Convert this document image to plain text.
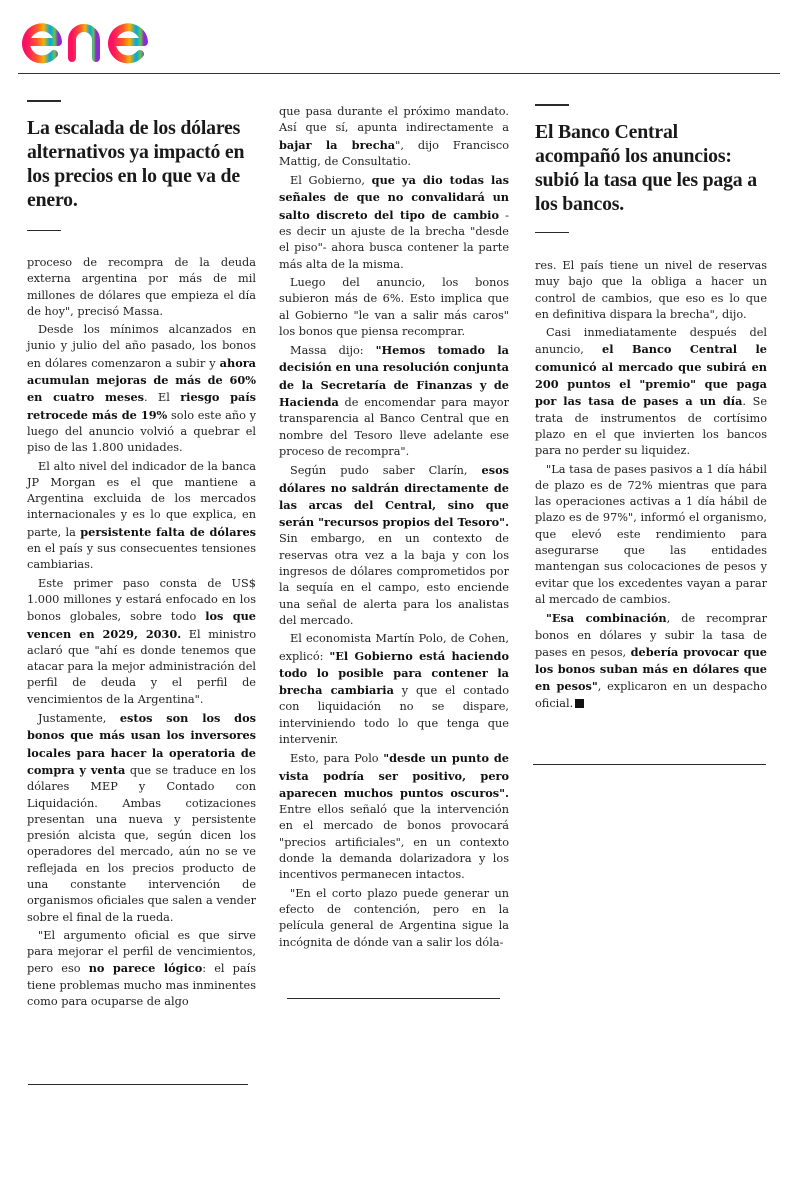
La escalada de los dólares alternativos ya impactó en los precios en lo que va de enero.

proceso de recompra de la deuda externa argentina por más de mil millones de dólares que empieza el día de hoy", precisó Massa.

Desde los mínimos alcanzados en junio y julio del año pasado, los bonos en dólares comenzaron a subir y ahora acumulan mejoras de más de 60% en cuatro meses. El riesgo país retrocede más de 19% solo este año y luego del anuncio volvió a quebrar el piso de las 1.800 unidades.

El alto nivel del indicador de la banca JP Morgan es el que mantiene a Argentina excluida de los mercados internacionales y es lo que explica, en parte, la persistente falta de dólares en el país y sus consecuentes tensiones cambiarias.

Este primer paso consta de US$ 1.000 millones y estará enfocado en los bonos globales, sobre todo los que vencen en 2029, 2030. El ministro aclaró que "ahí es donde tenemos que atacar para la mejor administración del perfil de deuda y el perfil de vencimientos de la Argentina".

Justamente, estos son los dos bonos que más usan los inversores locales para hacer la operatoria de compra y venta que se traduce en los dólares MEP y Contado con Liquidación. Ambas cotizaciones presentan una nueva y persistente presión alcista que, según dicen los operadores del mercado, aún no se ve reflejada en los precios producto de una constante intervención de organismos oficiales que salen a vender sobre el final de la rueda.

"El argumento oficial es que sirve para mejorar el perfil de vencimientos, pero eso no parece lógico: el país tiene problemas mucho mas inminentes como para ocuparse de algo

que pasa durante el próximo mandato. Así que sí, apunta indirectamente a bajar la brecha", dijo Francisco Mattig, de Consultatio.

El Gobierno, que ya dio todas las señales de que no convalidará un salto discreto del tipo de cambio - es decir un ajuste de la brecha "desde el piso"- ahora busca contener la parte más alta de la misma.

Luego del anuncio, los bonos subieron más de 6%. Esto implica que al Gobierno "le van a salir más caros" los bonos que piensa recomprar.

Massa dijo: "Hemos tomado la decisión en una resolución conjunta de la Secretaría de Finanzas y de Hacienda de encomendar para mayor transparencia al Banco Central que en nombre del Tesoro lleve adelante ese proceso de recompra".

Según pudo saber Clarín, esos dólares no saldrán directamente de las arcas del Central, sino que serán "recursos propios del Tesoro". Sin embargo, en un contexto de reservas otra vez a la baja y con los ingresos de dólares comprometidos por la sequía en el campo, esto enciende una señal de alerta para los analistas del mercado.

El economista Martín Polo, de Cohen, explicó: "El Gobierno está haciendo todo lo posible para contener la brecha cambiaria y que el contado con liquidación no se dispare, interviniendo todo lo que tenga que intervenir.

Esto, para Polo "desde un punto de vista podría ser positivo, pero aparecen muchos puntos oscuros". Entre ellos señaló que la intervención en el mercado de bonos provocará "precios artificiales", en un contexto donde la demanda dolarizadora y los incentivos permanecen intactos.

"En el corto plazo puede generar un efecto de contención, pero en la película general de Argentina sigue la incógnita de dónde van a salir los dóla-

El Banco Central acompañó los anuncios: subió la tasa que les paga a los bancos.

res. El país tiene un nivel de reservas muy bajo que la obliga a hacer un control de cambios, que eso es lo que en definitiva dispara la brecha", dijo.

Casi inmediatamente después del anuncio, el Banco Central le comunicó al mercado que subirá en 200 puntos el "premio" que paga por las tasa de pases a un día. Se trata de instrumentos de cortísimo plazo en el que invierten los bancos para no perder su liquidez.

"La tasa de pases pasivos a 1 día hábil de plazo es de 72% mientras que para las operaciones activas a 1 día hábil de plazo es de 97%", informó el organismo, que elevó este rendimiento para asegurarse que las entidades mantengan sus colocaciones de pesos y evitar que los excedentes vayan a parar al mercado de cambios.

"Esa combinación, de recomprar bonos en dólares y subir la tasa de pases en pesos, debería provocar que los bonos suban más en dólares que en pesos", explicaron en un despacho oficial.
